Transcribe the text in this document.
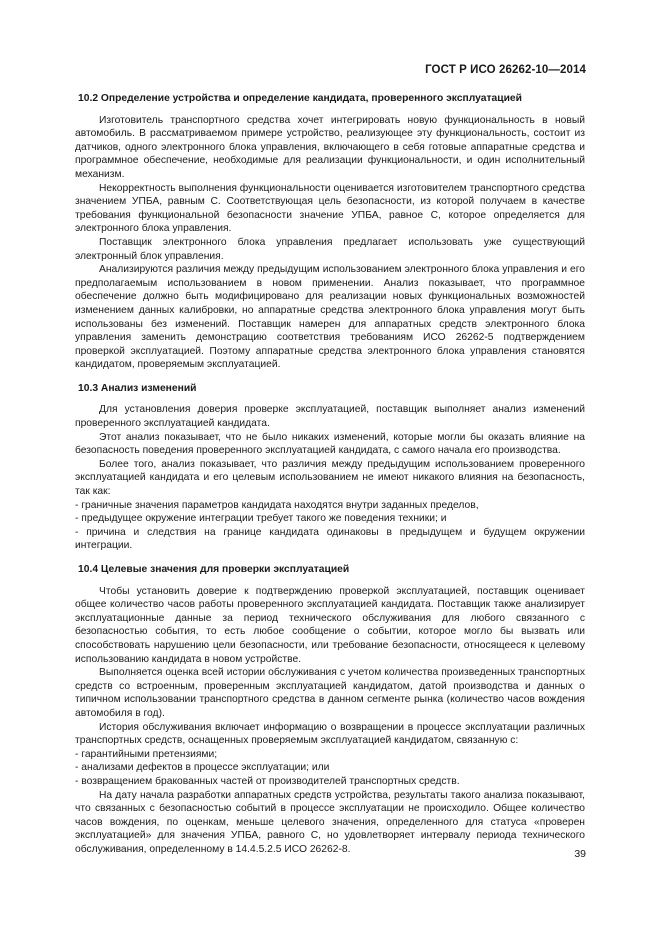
ГОСТ Р ИСО 26262-10—2014
10.2 Определение устройства и определение кандидата, проверенного эксплуатацией

Изготовитель транспортного средства хочет интегрировать новую функциональность в новый автомобиль. В рассматриваемом примере устройство, реализующее эту функциональность, состоит из датчиков, одного электронного блока управления, включающего в себя готовые аппаратные средства и программное обеспечение, необходимые для реализации функциональности, и один исполнительный механизм.

Некорректность выполнения функциональности оценивается изготовителем транспортного средства значением УПБА, равным С. Соответствующая цель безопасности, из которой получаем в качестве требования функциональной безопасности значение УПБА, равное С, которое определяется для электронного блока управления.

Поставщик электронного блока управления предлагает использовать уже существующий электронный блок управления.

Анализируются различия между предыдущим использованием электронного блока управления и его предполагаемым использованием в новом применении. Анализ показывает, что программное обеспечение должно быть модифицировано для реализации новых функциональных возможностей изменением данных калибровки, но аппаратные средства электронного блока управления могут быть использованы без изменений. Поставщик намерен для аппаратных средств электронного блока управления заменить демонстрацию соответствия требованиям ИСО 26262-5 подтверждением проверкой эксплуатацией. Поэтому аппаратные средства электронного блока управления становятся кандидатом, проверяемым эксплуатацией.

10.3 Анализ изменений

Для установления доверия проверке эксплуатацией, поставщик выполняет анализ изменений проверенного эксплуатацией кандидата.

Этот анализ показывает, что не было никаких изменений, которые могли бы оказать влияние на безопасность поведения проверенного эксплуатацией кандидата, с самого начала его производства.

Более того, анализ показывает, что различия между предыдущим использованием проверенного эксплуатацией кандидата и его целевым использованием не имеют никакого влияния на безопасность, так как:

- граничные значения параметров кандидата находятся внутри заданных пределов,
- предыдущее окружение интеграции требует такого же поведения техники; и
- причина и следствия на границе кандидата одинаковы в предыдущем и будущем окружении интеграции.
10.4 Целевые значения для проверки эксплуатацией

Чтобы установить доверие к подтверждению проверкой эксплуатацией, поставщик оценивает общее количество часов работы проверенного эксплуатацией кандидата. Поставщик также анализирует эксплуатационные данные за период технического обслуживания для любого связанного с безопасностью события, то есть любое сообщение о событии, которое могло бы вызвать или способствовать нарушению цели безопасности, или требование безопасности, относящееся к целевому использованию кандидата в новом устройстве.

Выполняется оценка всей истории обслуживания с учетом количества произведенных транспортных средств со встроенным, проверенным эксплуатацией кандидатом, датой производства и данных о типичном использовании транспортного средства в данном сегменте рынка (количество часов вождения автомобиля в год).

История обслуживания включает информацию о возвращении в процессе эксплуатации различных транспортных средств, оснащенных проверяемым эксплуатацией кандидатом, связанную с:

- гарантийными претензиями;
- анализами дефектов в процессе эксплуатации; или
- возвращением бракованных частей от производителей транспортных средств.

На дату начала разработки аппаратных средств устройства, результаты такого анализа показывают, что связанных с безопасностью событий в процессе эксплуатации не происходило. Общее количество часов вождения, по оценкам, меньше целевого значения, определенного для статуса «проверен эксплуатацией» для значения УПБА, равного С, но удовлетворяет интервалу периода технического обслуживания, определенному в 14.4.5.2.5 ИСО 26262-8.	39
